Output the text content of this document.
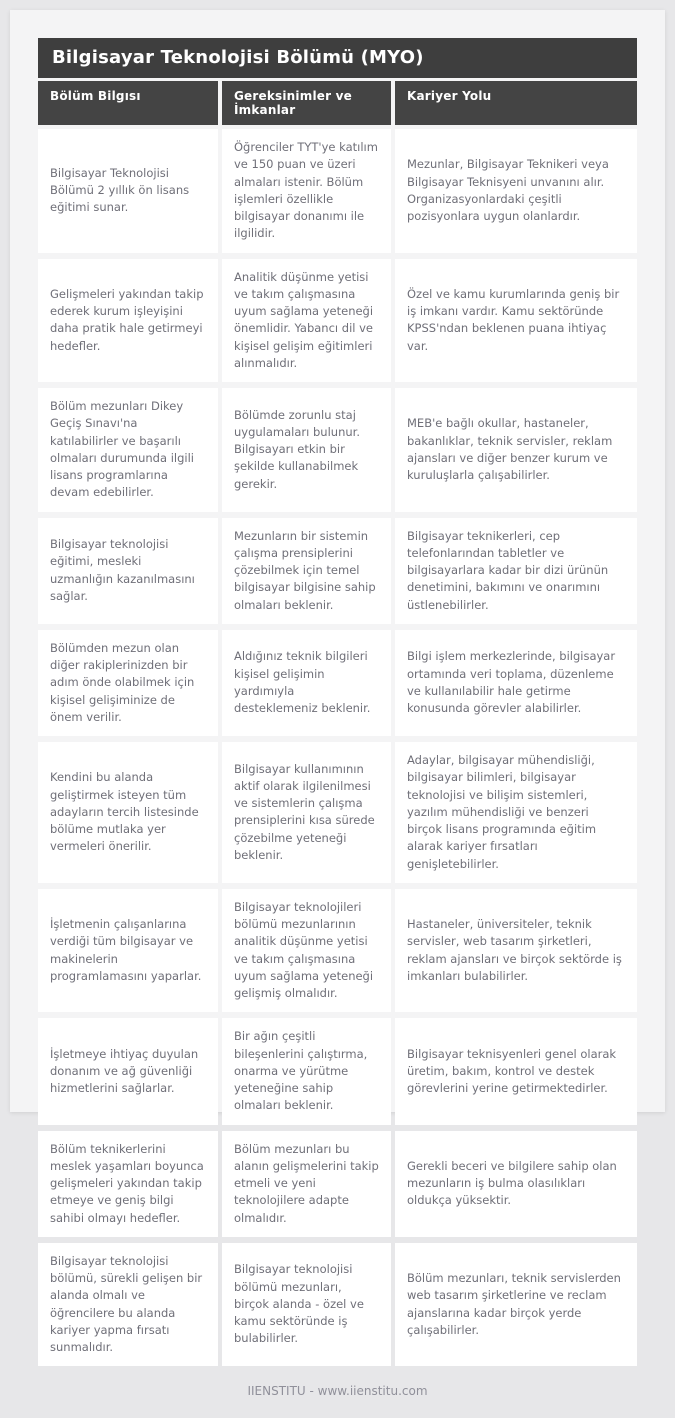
Bilgisayar Teknolojisi Bölümü (MYO)
Bölüm Bilgısı	Gereksinimler ve İmkanlar
Kariyer Yolu
Bilgisayar Teknolojisi Bölümü 2 yıllık ön lisans eğitimi sunar.
Öğrenciler TYT'ye katılım ve 150 puan ve üzeri almaları istenir. Bölüm işlemleri özellikle bilgisayar donanımı ile ilgilidir.
Mezunlar, Bilgisayar Teknikeri veya Bilgisayar Teknisyeni unvanını alır. Organizasyonlardaki çeşitli pozisyonlara uygun olanlardır.
Gelişmeleri yakından takip ederek kurum işleyişini daha pratik hale getirmeyi hedefler.
Analitik düşünme yetisi ve takım çalışmasına uyum sağlama yeteneği önemlidir. Yabancı dil ve kişisel gelişim eğitimleri alınmalıdır.
Özel ve kamu kurumlarında geniş bir iş imkanı vardır. Kamu sektöründe KPSS'ndan beklenen puana ihtiyaç var.
Bölüm mezunları Dikey Geçiş Sınavı'na katılabilirler ve başarılı olmaları durumunda ilgili lisans programlarına devam edebilirler.
Bölümde zorunlu staj uygulamaları bulunur. Bilgisayarı etkin bir şekilde kullanabilmek gerekir.
MEB'e bağlı okullar, hastaneler, bakanlıklar, teknik servisler, reklam ajansları ve diğer benzer kurum ve kuruluşlarla çalışabilirler.
Bilgisayar teknolojisi eğitimi, mesleki uzmanlığın kazanılmasını sağlar.
Mezunların bir sistemin çalışma prensiplerini çözebilmek için temel bilgisayar bilgisine sahip olmaları beklenir.
Bilgisayar teknikerleri, cep telefonlarından tabletler ve bilgisayarlara kadar bir dizi ürünün denetimini, bakımını ve onarımını üstlenebilirler.
Bölümden mezun olan diğer rakiplerinizden bir adım önde olabilmek için kişisel gelişiminize de önem verilir.
Aldığınız teknik bilgileri kişisel gelişimin yardımıyla desteklemeniz beklenir.
Bilgi işlem merkezlerinde, bilgisayar ortamında veri toplama, düzenleme ve kullanılabilir hale getirme konusunda görevler alabilirler.
Kendini bu alanda geliştirmek isteyen tüm adayların tercih listesinde bölüme mutlaka yer vermeleri önerilir.
Bilgisayar kullanımının aktif olarak ilgilenilmesi ve sistemlerin çalışma prensiplerini kısa sürede çözebilme yeteneği beklenir.
Adaylar, bilgisayar mühendisliği, bilgisayar bilimleri, bilgisayar teknolojisi ve bilişim sistemleri, yazılım mühendisliği ve benzeri birçok lisans programında eğitim alarak kariyer fırsatları genişletebilirler.
İşletmenin çalışanlarına verdiği tüm bilgisayar ve makinelerin programlamasını yaparlar.
Bilgisayar teknolojileri bölümü mezunlarının analitik düşünme yetisi ve takım çalışmasına uyum sağlama yeteneği gelişmiş olmalıdır.
Hastaneler, üniversiteler, teknik servisler, web tasarım şirketleri, reklam ajansları ve birçok sektörde iş imkanları bulabilirler.
İşletmeye ihtiyaç duyulan donanım ve ağ güvenliği hizmetlerini sağlarlar.
Bir ağın çeşitli bileşenlerini çalıştırma, onarma ve yürütme yeteneğine sahip olmaları beklenir.
Bilgisayar teknisyenleri genel olarak üretim, bakım, kontrol ve destek görevlerini yerine getirmektedirler.
Bölüm teknikerlerini meslek yaşamları boyunca gelişmeleri yakından takip etmeye ve geniş bilgi sahibi olmayı hedefler.
Bölüm mezunları bu alanın gelişmelerini takip etmeli ve yeni teknolojilere adapte olmalıdır.
Gerekli beceri ve bilgilere sahip olan mezunların iş bulma olasılıkları oldukça yüksektir.
Bilgisayar teknolojisi bölümü, sürekli gelişen bir alanda olmalı ve öğrencilere bu alanda kariyer yapma fırsatı sunmalıdır.
Bilgisayar teknolojisi bölümü mezunları, birçok alanda - özel ve kamu sektöründe iş bulabilirler.
Bölüm mezunları, teknik servislerden web tasarım şirketlerine ve reclam ajanslarına kadar birçok yerde çalışabilirler.
IIENSTITU - www.iienstitu.com
